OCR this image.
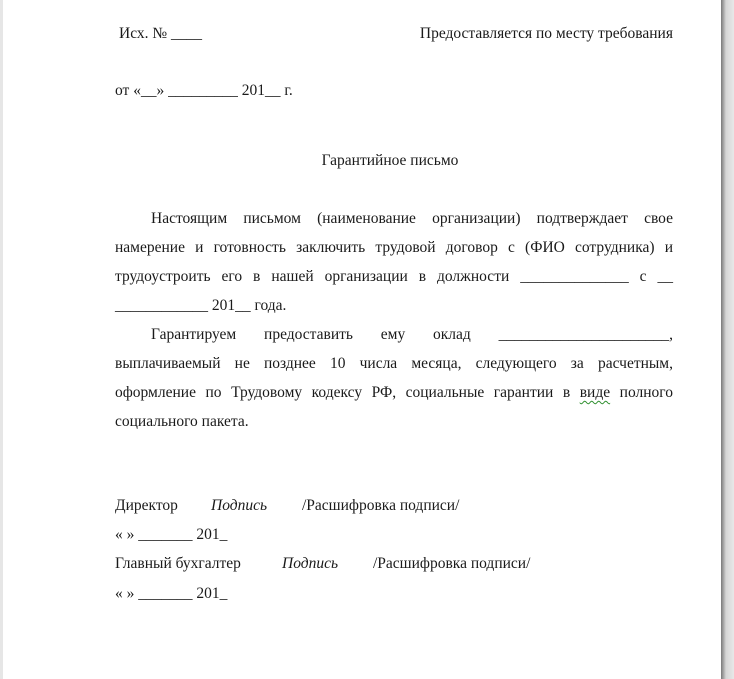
Исх. № ____	Предоставляется по месту требования
от «__» _________ 201__ г.
Гарантийное письмо
Настоящим письмом (наименование организации) подтверждает свое
намерение и готовность заключить трудовой договор с (ФИО сотрудника) и
трудоустроить его в нашей организации в должности ______________ с __
____________ 201__ года.
Гарантируем предоставить ему оклад ______________________,
выплачиваемый не позднее 10 числа месяца, следующего за расчетным,
оформление по Трудовому кодексу РФ, социальные гарантии в виде полного
социального пакета.
Директор Подпись /Расшифровка подписи/
« » _______ 201_
Главный бухгалтер	Подпись /Расшифровка подписи/
« » _______ 201_
